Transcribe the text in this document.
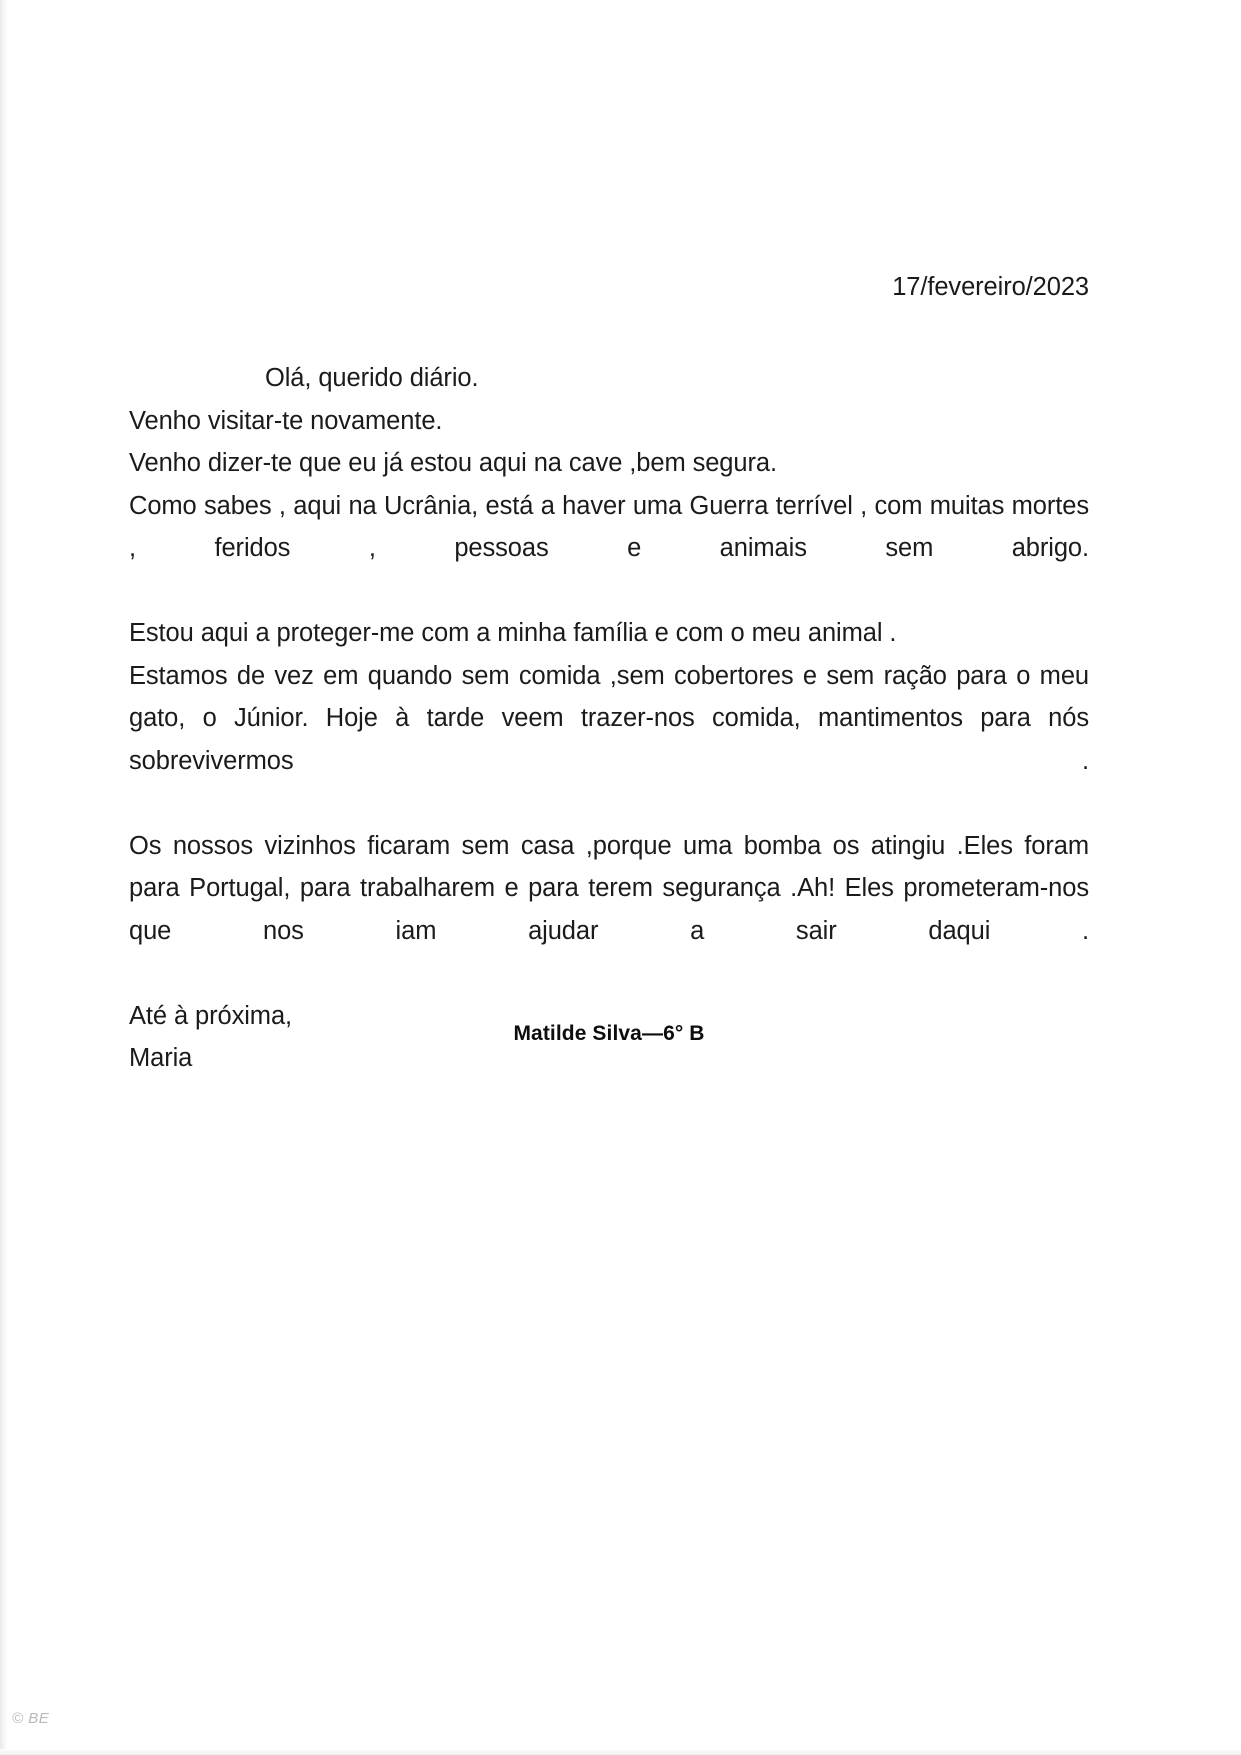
17/fevereiro/2023

Olá, querido diário.

Venho visitar-te novamente.

Venho dizer-te que eu já estou aqui na cave ,bem segura.

Como sabes , aqui na Ucrânia, está a haver uma Guerra terrível , com muitas mortes , feridos , pessoas e animais sem abrigo.

Estou aqui a proteger-me com a minha família e com o meu animal .

Estamos de vez em quando sem comida ,sem cobertores e sem ração para o meu gato, o Júnior. Hoje à tarde veem trazer-nos comida, mantimentos para nós sobrevivermos .

Os nossos vizinhos ficaram sem casa ,porque uma bomba os atingiu .Eles foram para Portugal, para trabalharem e para terem segurança .Ah! Eles prometeram-nos que nos iam ajudar a sair daqui .

Até à próxima,

Maria

Matilde Silva—6° B
© BE
